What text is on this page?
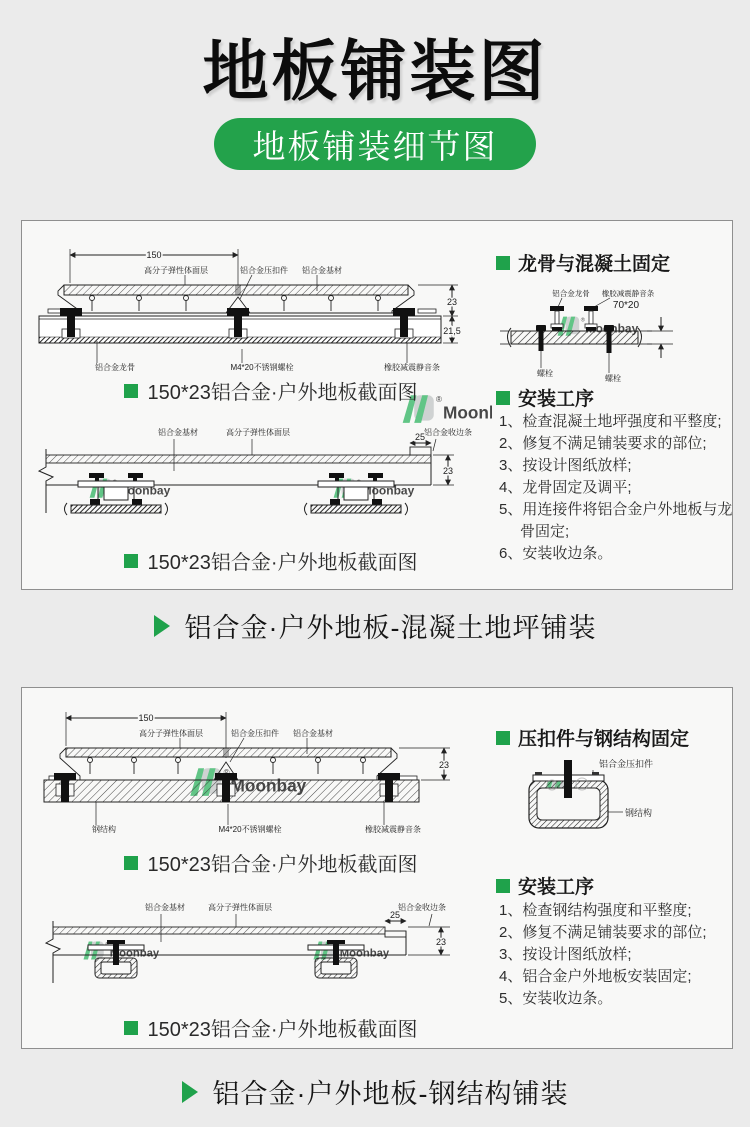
地板铺装图
地板铺装细节图
®
Moonbay
150
高分子弹性体面层	铝合金压扣件 铝合金基材
23
21,5
铝合金龙骨	M4*20不锈钢螺栓	橡胶减震静音条
铝合金基材	高分子弹性体面层	铝合金收边条
25
23
150*23铝合金·户外地板截面图
150*23铝合金·户外地板截面图
龙骨与混凝土固定
®
Moonbay
铝合金龙骨 橡胶减震静音条
70*20
螺栓
螺栓
安装工序
1、检查混凝土地坪强度和平整度;
2、修复不满足铺装要求的部位;
3、按设计图纸放样;
4、龙骨固定及调平;
5、用连接件将铝合金户外地板与龙骨固定;
6、安装收边条。
铝合金·户外地板-混凝土地坪铺装
®
Moonbay
150
高分子弹性体面层	铝合金压扣件 铝合金基材
23
钢结构	M4*20不锈钢螺栓	橡胶减震静音条
铝合金基材	高分子弹性体面层	铝合金收边条
25
23
150*23铝合金·户外地板截面图
150*23铝合金·户外地板截面图
压扣件与钢结构固定
®
铝合金压扣件
钢结构
安装工序
1、检查钢结构强度和平整度;
2、修复不满足铺装要求的部位;
3、按设计图纸放样;
4、铝合金户外地板安装固定;
5、安装收边条。
铝合金·户外地板-钢结构铺装
